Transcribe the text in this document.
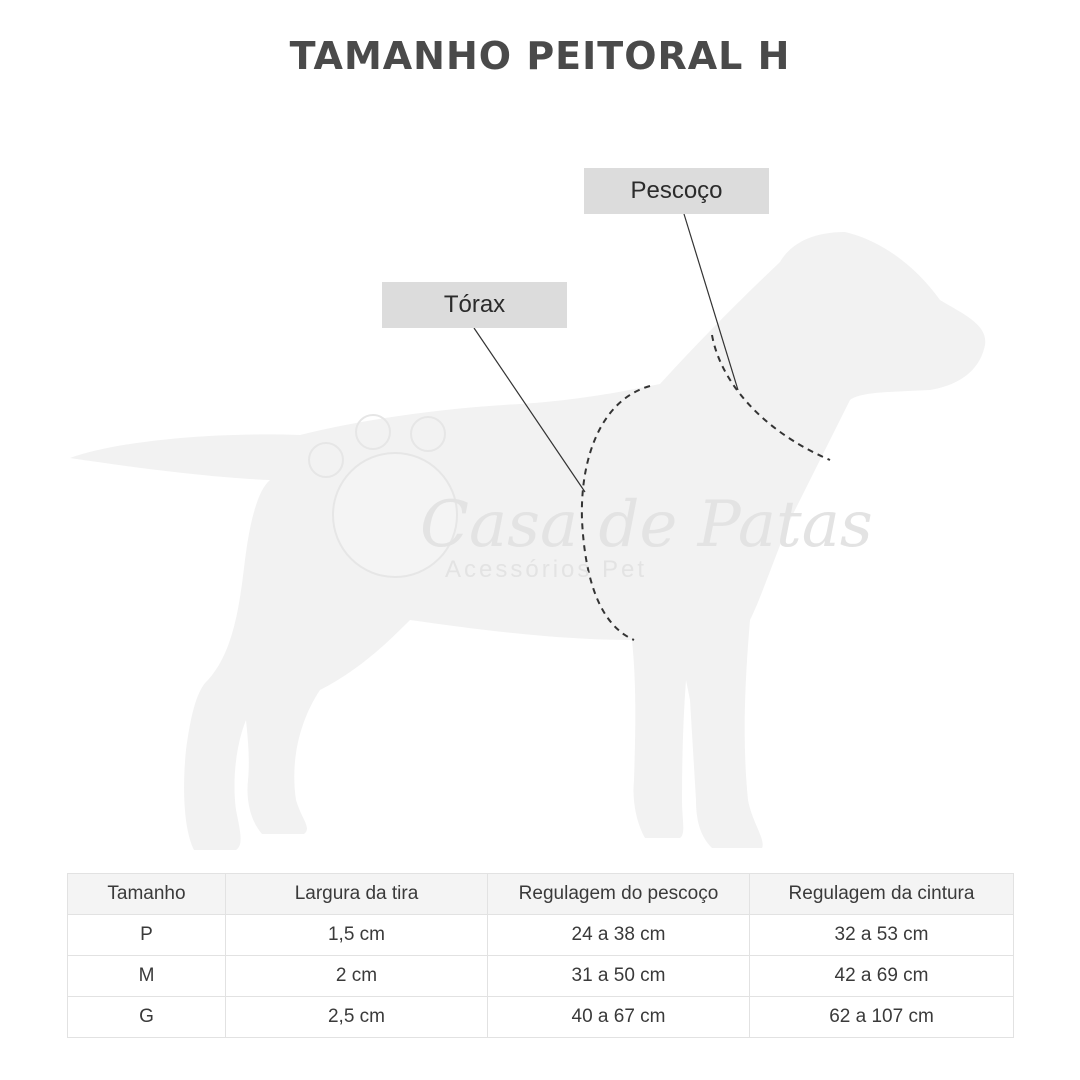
TAMANHO PEITORAL H
Casa de Patas
Acessórios Pet
Pescoço
Tórax
Tamanho	Largura da tira	Regulagem do pescoço	Regulagem da cintura
P	1,5 cm	24 a 38 cm	32 a 53 cm
M	2 cm	31 a 50 cm	42 a 69 cm
G	2,5 cm	40 a 67 cm	62 a 107 cm
